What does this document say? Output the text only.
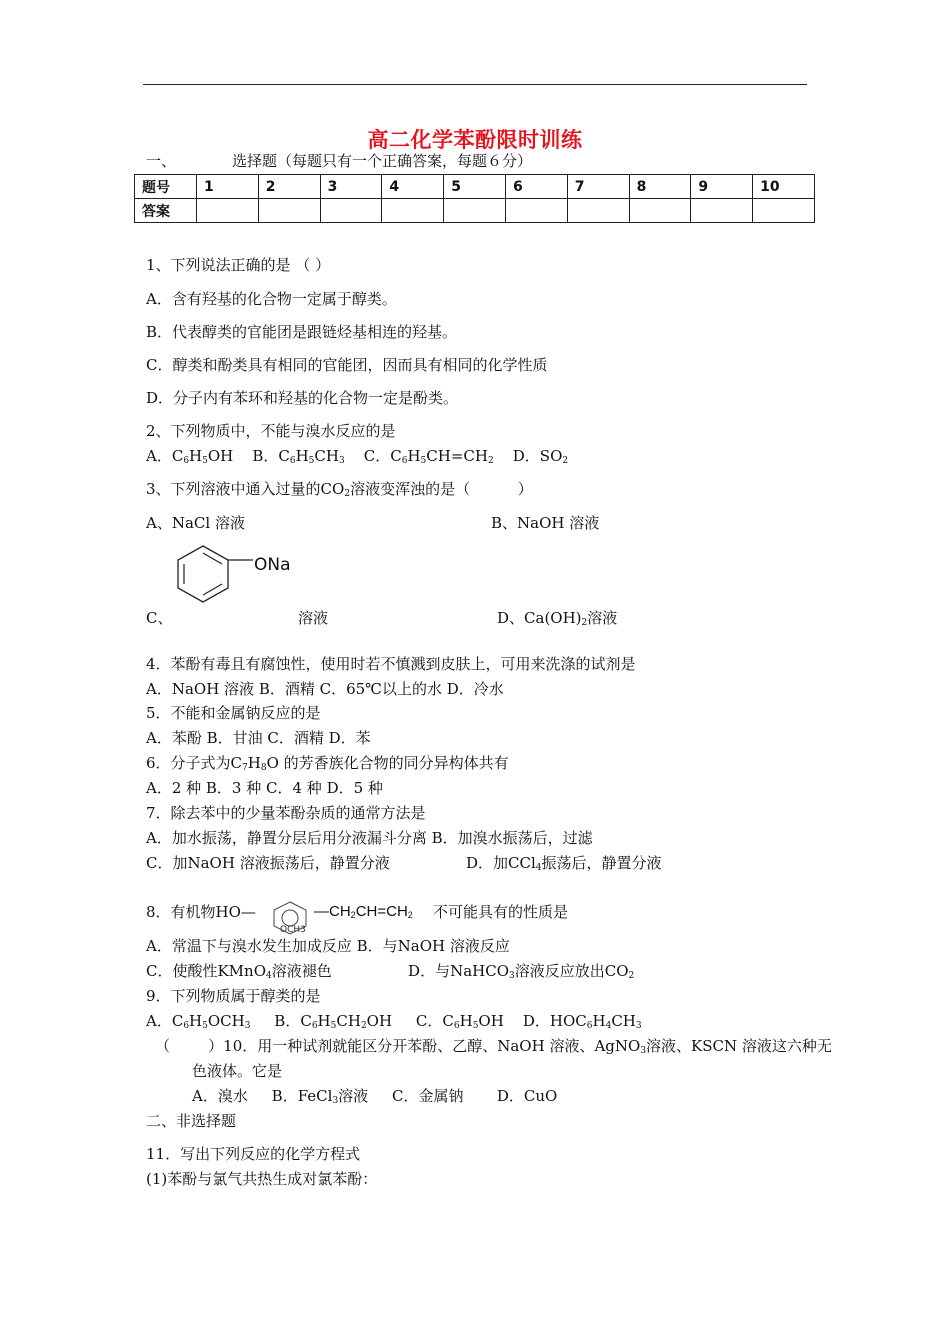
高二化学苯酚限时训练
一、	选择题（每题只有一个正确答案，每题６分）
题号	1	2	3	4	5	6	7	8	9	10
答案										
1、下列说法正确的是 （ ）
A．含有羟基的化合物一定属于醇类。
B．代表醇类的官能团是跟链烃基相连的羟基。
C．醇类和酚类具有相同的官能团，因而具有相同的化学性质
D．分子内有苯环和羟基的化合物一定是酚类。
2、下列物质中，不能与溴水反应的是
A．$C_6H_5OH$    B．$C_6H_5CH_3$    C．$C_6H_5CH=CH_2$    D．$SO_2$
3、下列溶液中通入过量的$CO_2$溶液变浑浊的是（          ）
A、NaCl 溶液	B、NaOH 溶液
ONa
C、	溶液	D、$Ca(OH)_2$溶液
4．苯酚有毒且有腐蚀性，使用时若不慎溅到皮肤上，可用来洗涤的试剂是
A．NaOH 溶液 B．酒精 C．65℃以上的水 D．冷水
5．不能和金属钠反应的是
A．苯酚 B．甘油 C．酒精 D．苯
6．分子式为$C_7H_8O$ 的芳香族化合物的同分异构体共有
A．2 种 B．3 种 C．4 种 D．5 种
7．除去苯中的少量苯酚杂质的通常方法是
A．加水振荡，静置分层后用分液漏斗分离 B．加溴水振荡后，过滤
C．加NaOH 溶液振荡后，静置分液                D．加CCl$_4$振荡后，静置分液
8．有机物HO—
OCH3
$—CH_2CH=CH_2$ 不可能具有的性质是
A．常温下与溴水发生加成反应 B．与NaOH 溶液反应
C．使酸性KMnO$_4$溶液褪色                D．与NaHCO$_3$溶液反应放出$CO_2$
9．下列物质属于醇类的是
A．$C_6H_5OCH_3$     B．$C_6H_5CH_2OH$     C．$C_6H_5OH$    D．$HOC_6H_4CH_3$
（        ）10．用一种试剂就能区分开苯酚、乙醇、NaOH 溶液、AgNO$_3$溶液、KSCN 溶液这六种无
色液体。它是
A．溴水     B．FeCl$_3$溶液     C．金属钠       D．CuO
二、非选择题
11．写出下列反应的化学方程式
(1)苯酚与氯气共热生成对氯苯酚：
